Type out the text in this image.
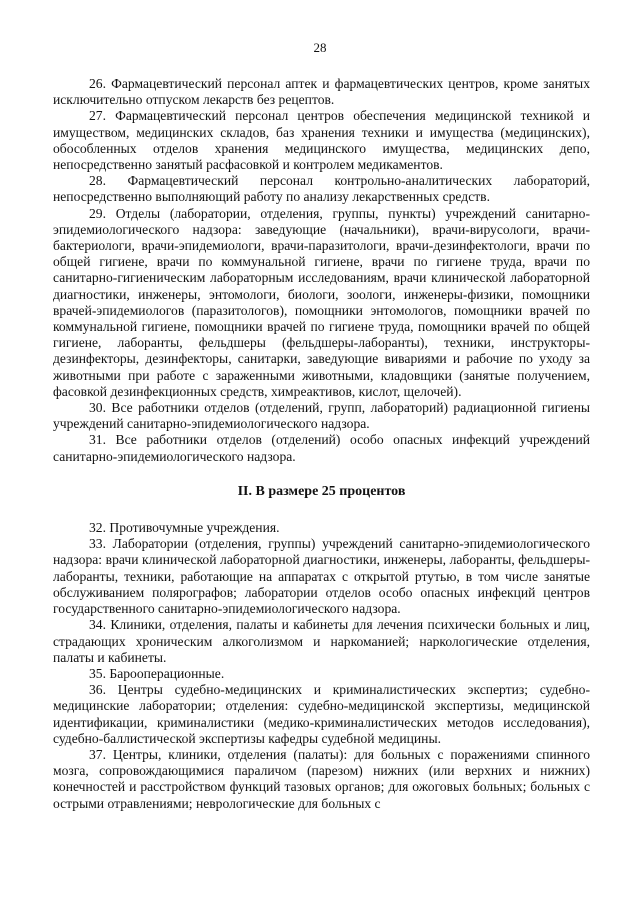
28

26. Фармацевтический персонал аптек и фармацевтических центров, кроме занятых исключительно отпуском лекарств без рецептов.

27. Фармацевтический персонал центров обеспечения медицинской техникой и имуществом, медицинских складов, баз хранения техники и имущества (медицинских), обособленных отделов хранения медицинского имущества, медицинских депо, непосредственно занятый расфасовкой и контролем медикаментов.

28. Фармацевтический персонал контрольно-аналитических лабораторий, непосредственно выполняющий работу по анализу лекарственных средств.

29. Отделы (лаборатории, отделения, группы, пункты) учреждений санитарно-эпидемиологического надзора: заведующие (начальники), врачи-вирусологи, врачи-бактериологи, врачи-эпидемиологи, врачи-паразитологи, врачи-дезинфектологи, врачи по общей гигиене, врачи по коммунальной гигиене, врачи по гигиене труда, врачи по санитарно-гигиеническим лабораторным исследованиям, врачи клинической лабораторной диагностики, инженеры, энтомологи, биологи, зоологи, инженеры-физики, помощники врачей-эпидемиологов (паразитологов), помощники энтомологов, помощники врачей по коммунальной гигиене, помощники врачей по гигиене труда, помощники врачей по общей гигиене, лаборанты, фельдшеры (фельдшеры-лаборанты), техники, инструкторы-дезинфекторы, дезинфекторы, санитарки, заведующие вивариями и рабочие по уходу за животными при работе с зараженными животными, кладовщики (занятые получением, фасовкой дезинфекционных средств, химреактивов, кислот, щелочей).

30. Все работники отделов (отделений, групп, лабораторий) радиационной гигиены учреждений санитарно-эпидемиологического надзора.

31. Все работники отделов (отделений) особо опасных инфекций учреждений санитарно-эпидемиологического надзора.

II. В размере 25 процентов

32. Противочумные учреждения.

33. Лаборатории (отделения, группы) учреждений санитарно-эпидемиологического надзора: врачи клинической лабораторной диагностики, инженеры, лаборанты, фельдшеры-лаборанты, техники, работающие на аппаратах с открытой ртутью, в том числе занятые обслуживанием полярографов; лаборатории отделов особо опасных инфекций центров государственного санитарно-эпидемиологического надзора.

34. Клиники, отделения, палаты и кабинеты для лечения психически больных и лиц, страдающих хроническим алкоголизмом и наркоманией; наркологические отделения, палаты и кабинеты.

35. Бароопeрационные.

36. Центры судебно-медицинских и криминалистических экспертиз; судебно-медицинские лаборатории; отделения: судебно-медицинской экспертизы, медицинской идентификации, криминалистики (медико-криминалистических методов исследования), судебно-баллистической экспертизы кафедры судебной медицины.

37. Центры, клиники, отделения (палаты): для больных с поражениями спинного мозга, сопровождающимися параличом (парезом) нижних (или верхних и нижних) конечностей и расстройством функций тазовых органов; для ожоговых больных; больных с острыми отравлениями; неврологические для больных с
